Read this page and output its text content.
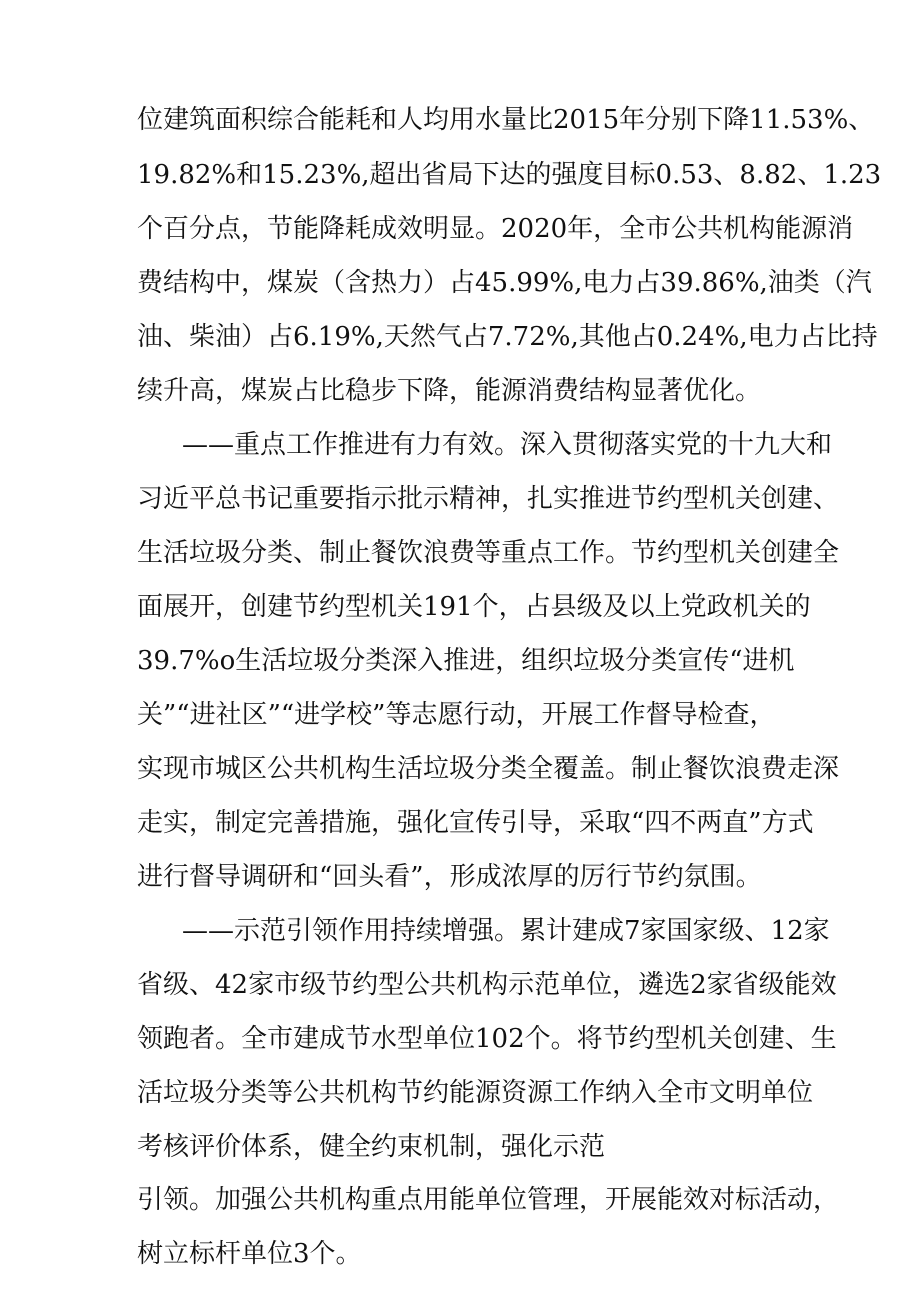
位建筑面积综合能耗和人均用水量比2015年分别下降11.53%、
19.82%和15.23%,超出省局下达的强度目标0.53、8.82、1.23
个百分点，节能降耗成效明显。2020年，全市公共机构能源消
费结构中，煤炭（含热力）占45.99%,电力占39.86%,油类（汽
油、柴油）占6.19%,天然气占7.72%,其他占0.24%,电力占比持
续升高，煤炭占比稳步下降，能源消费结构显著优化。
——重点工作推进有力有效。深入贯彻落实党的十九大和
习近平总书记重要指示批示精神，扎实推进节约型机关创建、
生活垃圾分类、制止餐饮浪费等重点工作。节约型机关创建全
面展开，创建节约型机关191个，占县级及以上党政机关的
39.7%o生活垃圾分类深入推进，组织垃圾分类宣传“进机
关”“进社区”“进学校”等志愿行动，开展工作督导检查，
实现市城区公共机构生活垃圾分类全覆盖。制止餐饮浪费走深
走实，制定完善措施，强化宣传引导，采取“四不两直”方式
进行督导调研和“回头看”，形成浓厚的厉行节约氛围。
——示范引领作用持续增强。累计建成7家国家级、12家
省级、42家市级节约型公共机构示范单位，遴选2家省级能效
领跑者。全市建成节水型单位102个。将节约型机关创建、生
活垃圾分类等公共机构节约能源资源工作纳入全市文明单位
考核评价体系，健全约束机制，强化示范
引领。加强公共机构重点用能单位管理，开展能效对标活动，
树立标杆单位3个。
